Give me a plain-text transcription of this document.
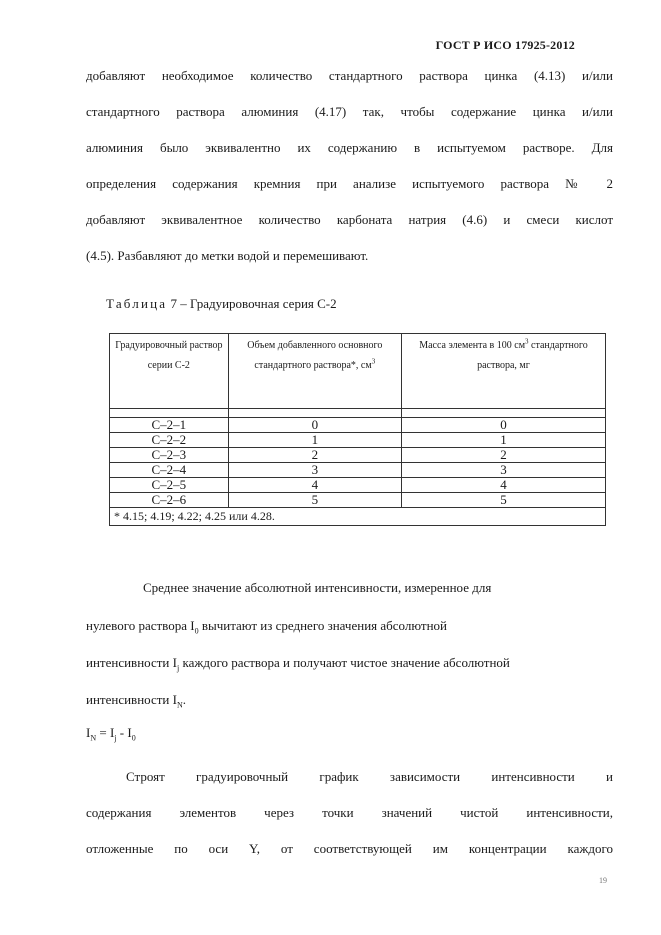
ГОСТ Р ИСО 17925-2012
добавляют необходимое количество стандартного раствора цинка (4.13) и/или
стандартного раствора алюминия (4.17) так, чтобы содержание цинка и/или
алюминия было эквивалентно их содержанию в испытуемом растворе. Для
определения содержания кремния при анализе испытуемого раствора № 2
добавляют эквивалентное количество карбоната натрия (4.6) и смеси кислот
(4.5). Разбавляют до метки водой и перемешивают.
Таблица 7 – Градуировочная серия С-2
Градуировочный раствор серии С-2	Объем добавленного основного стандартного раствора*, $см^3$	Масса элемента в 100 $см^3$ стандартного раствора, мг

С–2–1	0	0
С–2–2	1	1
С–2–3	2	2
С–2–4	3	3
С–2–5	4	4
С–2–6	5	5
* 4.15; 4.19; 4.22; 4.25 или 4.28.		
Среднее значение абсолютной интенсивности, измеренное для
нулевого раствора $I_0$ вычитают из среднего значения абсолютной
интенсивности $I_j$ каждого раствора и получают чистое значение абсолютной
интенсивности $I_N$.
$I_N = I_j - I_0$
Строят градуировочный график зависимости интенсивности и
содержания элементов через точки значений чистой интенсивности,
отложенные по оси Y, от соответствующей им концентрации каждого
19
